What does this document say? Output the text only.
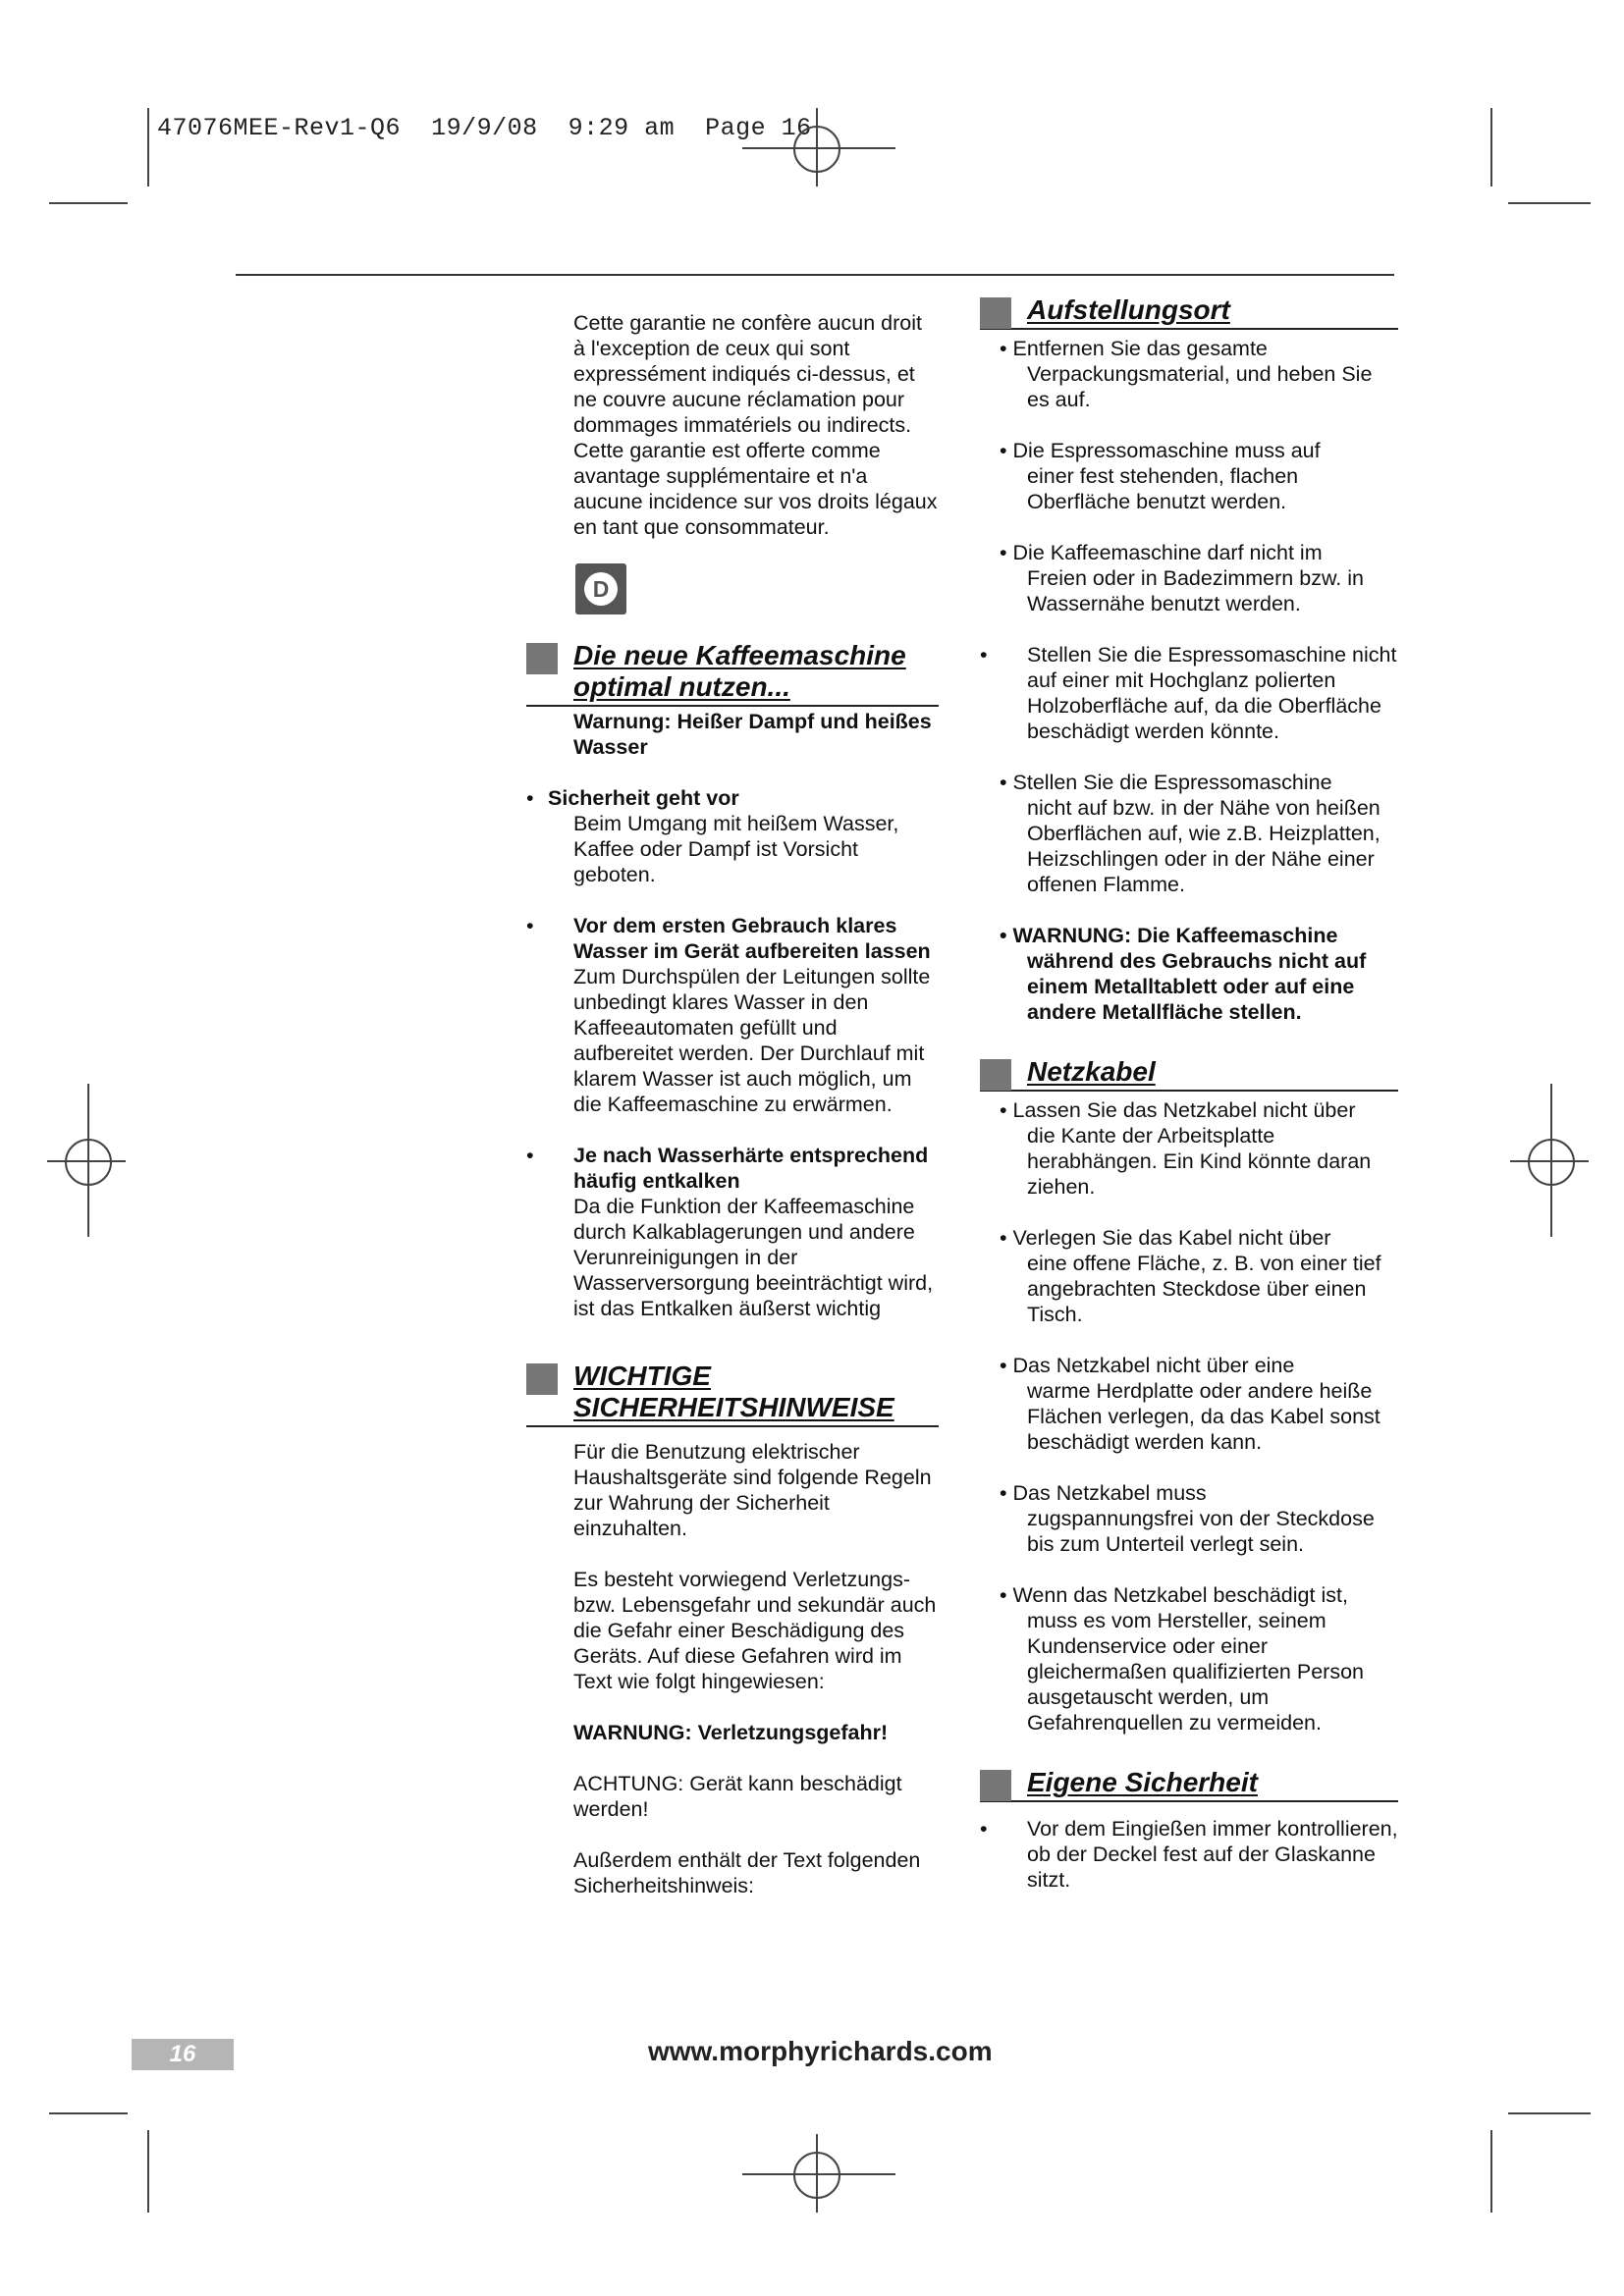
47076MEE-Rev1-Q6 19/9/08 9:29 am Page 16

Cette garantie ne confère aucun droit à l'exception de ceux qui sont expressément indiqués ci-dessus, et ne couvre aucune réclamation pour dommages immatériels ou indirects. Cette garantie est offerte comme avantage supplémentaire et n'a aucune incidence sur vos droits légaux en tant que consommateur.

D
Die neue Kaffeemaschine optimal nutzen...
Warnung: Heißer Dampf und heißes Wasser
• Sicherheit geht vor
Beim Umgang mit heißem Wasser, Kaffee oder Dampf ist Vorsicht geboten.
• Vor dem ersten Gebrauch klares Wasser im Gerät aufbereiten lassen
Zum Durchspülen der Leitungen sollte unbedingt klares Wasser in den Kaffeeautomaten gefüllt und aufbereitet werden. Der Durchlauf mit klarem Wasser ist auch möglich, um die Kaffeemaschine zu erwärmen.
• Je nach Wasserhärte entsprechend häufig entkalken
Da die Funktion der Kaffeemaschine durch Kalkablagerungen und andere Verunreinigungen in der Wasserversorgung beeinträchtigt wird, ist das Entkalken äußerst wichtig
WICHTIGE
SICHERHEITSHINWEISE

Für die Benutzung elektrischer Haushaltsgeräte sind folgende Regeln zur Wahrung der Sicherheit einzuhalten.

Es besteht vorwiegend Verletzungs- bzw. Lebensgefahr und sekundär auch die Gefahr einer Beschädigung des Geräts. Auf diese Gefahren wird im Text wie folgt hingewiesen:

WARNUNG: Verletzungsgefahr!

ACHTUNG: Gerät kann beschädigt werden!

Außerdem enthält der Text folgenden Sicherheitshinweis:

Aufstellungsort
• Entfernen Sie das gesamte
Verpackungsmaterial, und heben Sie es auf.
• Die Espressomaschine muss auf
einer fest stehenden, flachen Oberfläche benutzt werden.
• Die Kaffeemaschine darf nicht im
Freien oder in Badezimmern bzw. in Wassernähe benutzt werden.
• Stellen Sie die Espressomaschine nicht auf einer mit Hochglanz polierten Holzoberfläche auf, da die Oberfläche beschädigt werden könnte.
• Stellen Sie die Espressomaschine
nicht auf bzw. in der Nähe von heißen Oberflächen auf, wie z.B. Heizplatten, Heizschlingen oder in der Nähe einer offenen Flamme.
• WARNUNG: Die Kaffeemaschine
während des Gebrauchs nicht auf einem Metalltablett oder auf eine andere Metallfläche stellen.
Netzkabel
• Lassen Sie das Netzkabel nicht über
die Kante der Arbeitsplatte herabhängen. Ein Kind könnte daran ziehen.
• Verlegen Sie das Kabel nicht über
eine offene Fläche, z. B. von einer tief angebrachten Steckdose über einen Tisch.
• Das Netzkabel nicht über eine
warme Herdplatte oder andere heiße Flächen verlegen, da das Kabel sonst beschädigt werden kann.
• Das Netzkabel muss
zugspannungsfrei von der Steckdose bis zum Unterteil verlegt sein.
• Wenn das Netzkabel beschädigt ist,
muss es vom Hersteller, seinem Kundenservice oder einer gleichermaßen qualifizierten Person ausgetauscht werden, um Gefahrenquellen zu vermeiden.
Eigene Sicherheit
• Vor dem Eingießen immer kontrollieren, ob der Deckel fest auf der Glaskanne sitzt.
16	www.morphyrichards.com
